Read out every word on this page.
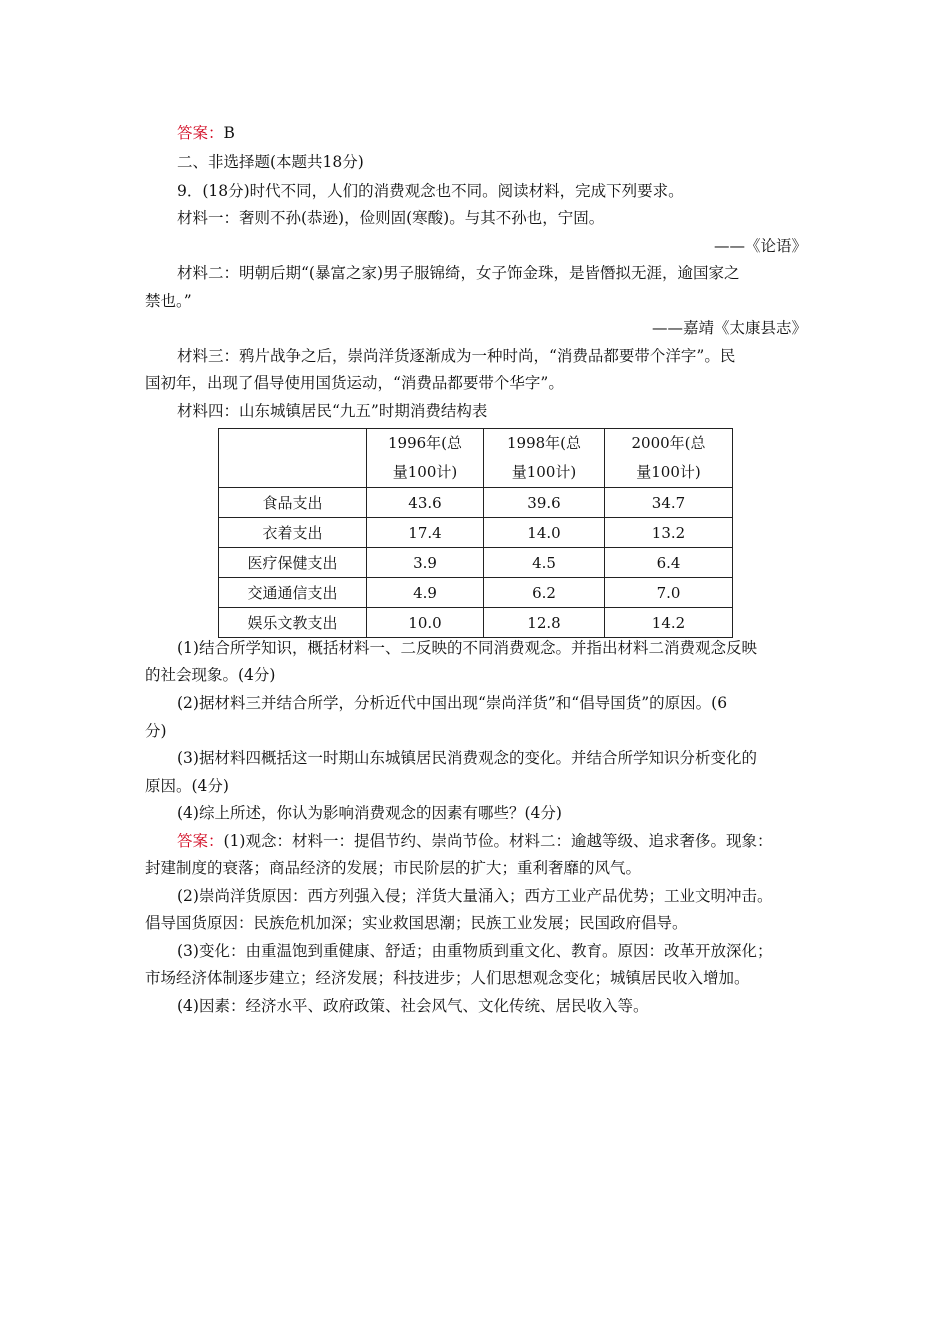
答案：B
二、非选择题(本题共18分)
9．(18分)时代不同，人们的消费观念也不同。阅读材料，完成下列要求。
材料一：奢则不孙(恭逊)，俭则固(寒酸)。与其不孙也，宁固。
——《论语》
材料二：明朝后期“(暴富之家)男子服锦绮，女子饰金珠，是皆僭拟无涯，逾国家之
禁也。”
——嘉靖《太康县志》
材料三：鸦片战争之后，崇尚洋货逐渐成为一种时尚，“消费品都要带个洋字”。民
国初年，出现了倡导使用国货运动，“消费品都要带个华字”。
材料四：山东城镇居民“九五”时期消费结构表

	1996年(总
量100计)	1998年(总
量100计)	2000年(总
量100计)

食品支出	43.6	39.6	34.7
衣着支出	17.4	14.0	13.2
医疗保健支出	3.9	4.5	6.4
交通通信支出	4.9	6.2	7.0
娱乐文教支出	10.0	12.8	14.2
(1)结合所学知识，概括材料一、二反映的不同消费观念。并指出材料二消费观念反映
的社会现象。(4分)
(2)据材料三并结合所学，分析近代中国出现“崇尚洋货”和“倡导国货”的原因。(6
分)
(3)据材料四概括这一时期山东城镇居民消费观念的变化。并结合所学知识分析变化的
原因。(4分)
(4)综上所述，你认为影响消费观念的因素有哪些？(4分)
答案：(1)观念：材料一：提倡节约、崇尚节俭。材料二：逾越等级、追求奢侈。现象：
封建制度的衰落；商品经济的发展；市民阶层的扩大；重利奢靡的风气。
(2)崇尚洋货原因：西方列强入侵；洋货大量涌入；西方工业产品优势；工业文明冲击。
倡导国货原因：民族危机加深；实业救国思潮；民族工业发展；民国政府倡导。
(3)变化：由重温饱到重健康、舒适；由重物质到重文化、教育。原因：改革开放深化；
市场经济体制逐步建立；经济发展；科技进步；人们思想观念变化；城镇居民收入增加。
(4)因素：经济水平、政府政策、社会风气、文化传统、居民收入等。
